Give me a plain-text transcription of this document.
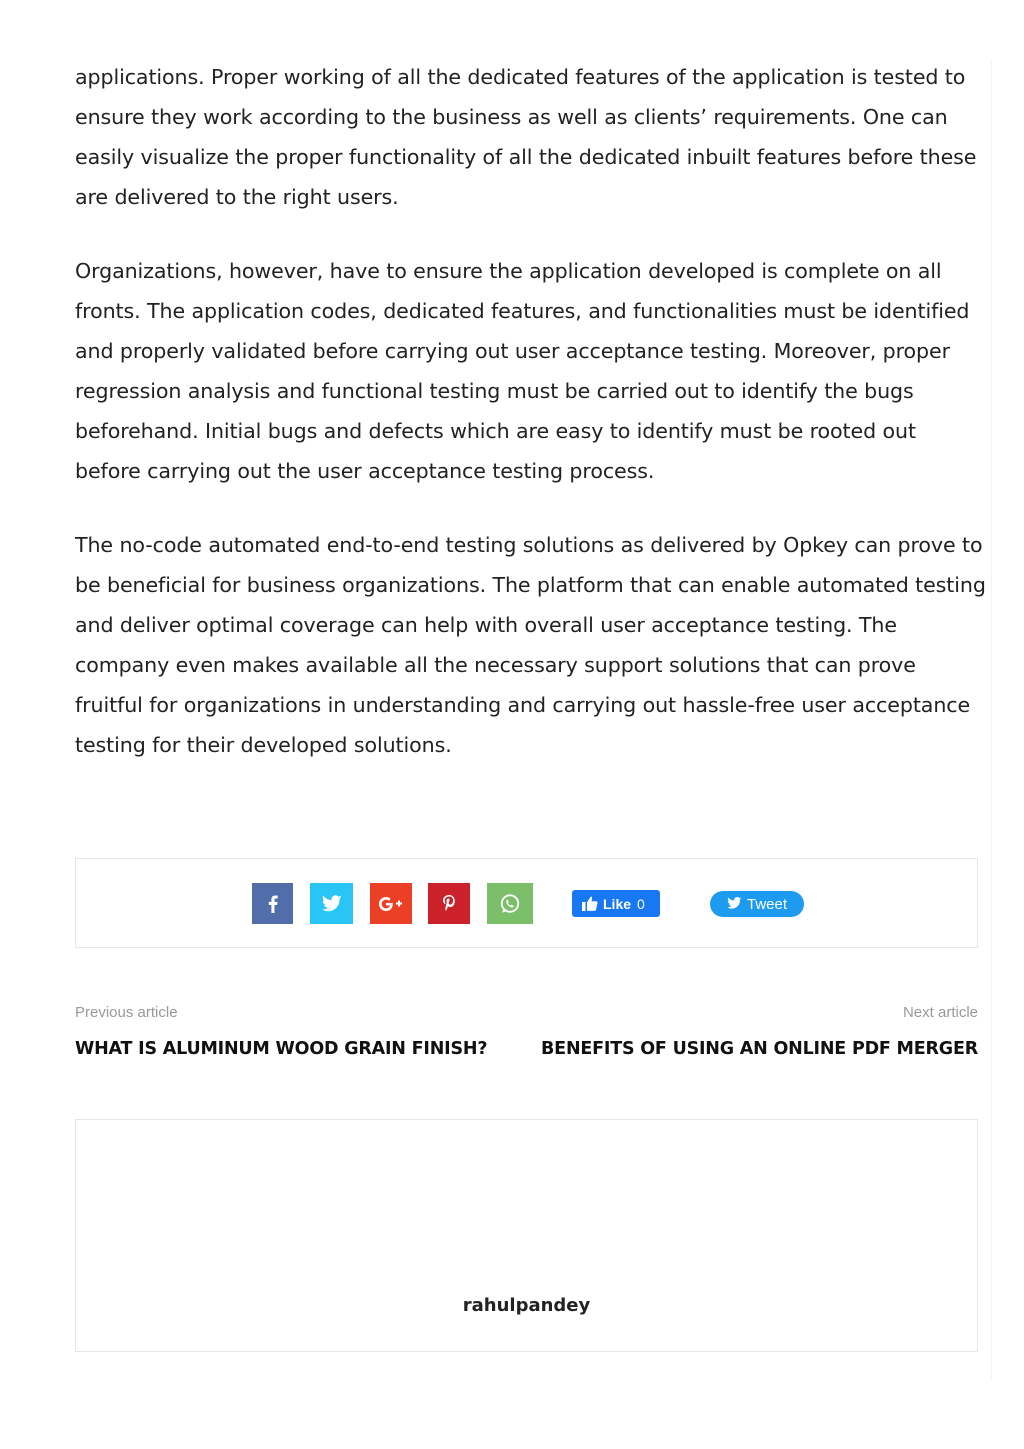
applications. Proper working of all the dedicated features of the application is tested to ensure they work according to the business as well as clients’ requirements. One can easily visualize the proper functionality of all the dedicated inbuilt features before these are delivered to the right users.

Organizations, however, have to ensure the application developed is complete on all fronts. The application codes, dedicated features, and functionalities must be identified and properly validated before carrying out user acceptance testing. Moreover, proper regression analysis and functional testing must be carried out to identify the bugs beforehand. Initial bugs and defects which are easy to identify must be rooted out before carrying out the user acceptance testing process.

The no-code automated end-to-end testing solutions as delivered by Opkey can prove to be beneficial for business organizations. The platform that can enable automated testing and deliver optimal coverage can help with overall user acceptance testing. The company even makes available all the necessary support solutions that can prove fruitful for organizations in understanding and carrying out hassle-free user acceptance testing for their developed solutions.

Like 0	Tweet
Previous article
WHAT IS ALUMINUM WOOD GRAIN FINISH?
Next article
BENEFITS OF USING AN ONLINE PDF MERGER
rahulpandey
